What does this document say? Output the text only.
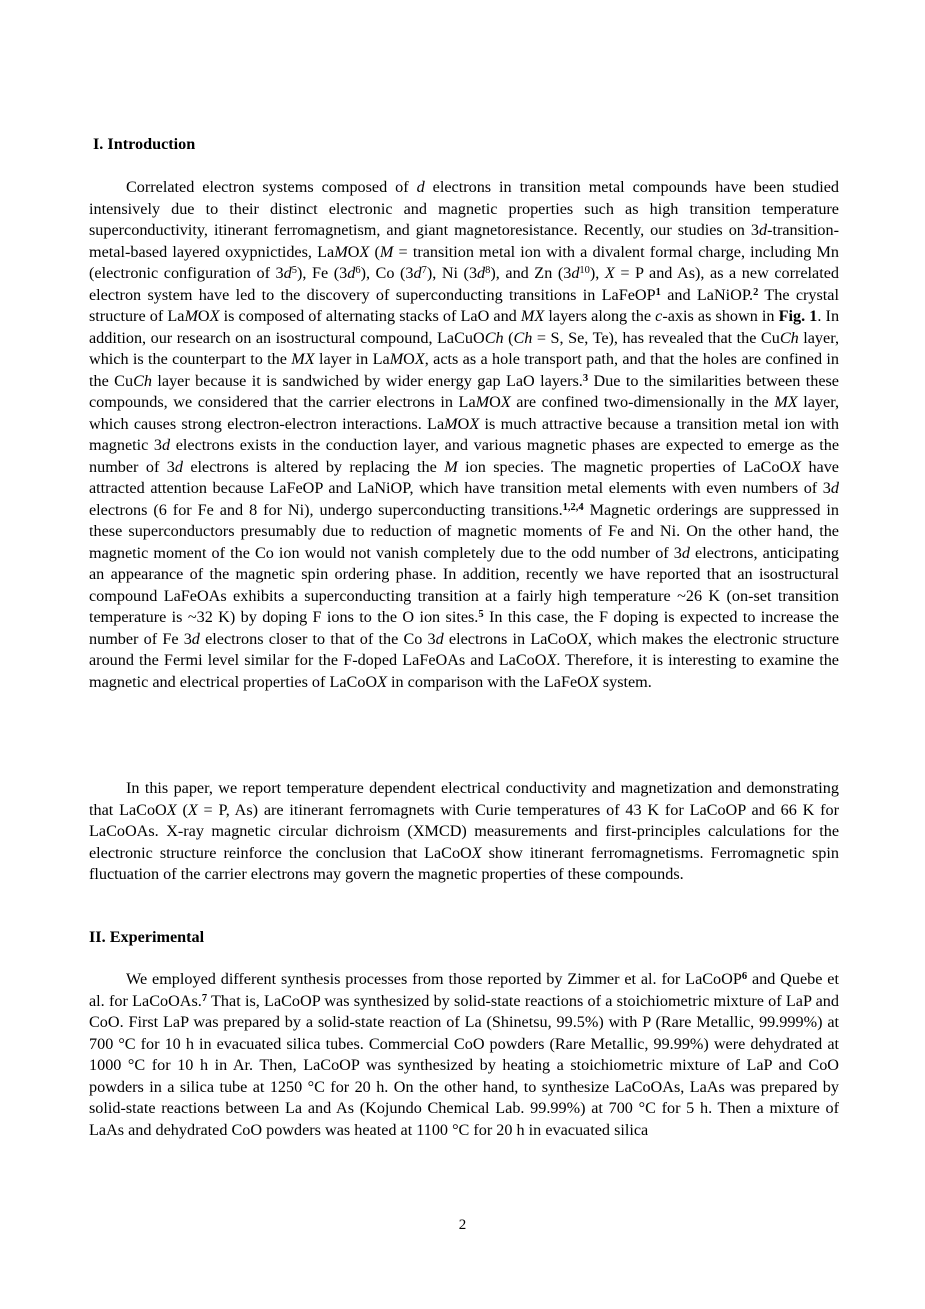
I. Introduction

Correlated electron systems composed of d electrons in transition metal compounds have been studied intensively due to their distinct electronic and magnetic properties such as high transition temperature superconductivity, itinerant ferromagnetism, and giant magnetoresistance. Recently, our studies on 3d-transition-metal-based layered oxypnictides, LaMOX (M = transition metal ion with a divalent formal charge, including Mn (electronic configuration of $3d^5$), Fe $(3d^6)$, Co $(3d^7)$, Ni $(3d^8)$, and Zn $(3d^{10})$, X = P and As), as a new correlated electron system have led to the discovery of superconducting transitions in LaFeOP$^1$ and LaNiOP.$^2$ The crystal structure of LaMOX is composed of alternating stacks of LaO and MX layers along the c-axis as shown in Fig. 1. In addition, our research on an isostructural compound, LaCuOCh (Ch = S, Se, Te), has revealed that the CuCh layer, which is the counterpart to the MX layer in LaMOX, acts as a hole transport path, and that the holes are confined in the CuCh layer because it is sandwiched by wider energy gap LaO layers.$^3$ Due to the similarities between these compounds, we considered that the carrier electrons in LaMOX are confined two-dimensionally in the MX layer, which causes strong electron-electron interactions. LaMOX is much attractive because a transition metal ion with magnetic 3d electrons exists in the conduction layer, and various magnetic phases are expected to emerge as the number of 3d electrons is altered by replacing the M ion species. The magnetic properties of LaCoOX have attracted attention because LaFeOP and LaNiOP, which have transition metal elements with even numbers of 3d electrons (6 for Fe and 8 for Ni), undergo superconducting transitions.$^{1,2,4}$ Magnetic orderings are suppressed in these superconductors presumably due to reduction of magnetic moments of Fe and Ni. On the other hand, the magnetic moment of the Co ion would not vanish completely due to the odd number of 3d electrons, anticipating an appearance of the magnetic spin ordering phase. In addition, recently we have reported that an isostructural compound LaFeOAs exhibits a superconducting transition at a fairly high temperature ~26 K (on-set transition temperature is ~32 K) by doping F ions to the O ion sites.$^5$ In this case, the F doping is expected to increase the number of Fe 3d electrons closer to that of the Co 3d electrons in LaCoOX, which makes the electronic structure around the Fermi level similar for the F-doped LaFeOAs and LaCoOX. Therefore, it is interesting to examine the magnetic and electrical properties of LaCoOX in comparison with the LaFeOX system.

In this paper, we report temperature dependent electrical conductivity and magnetization and demonstrating that LaCoOX (X = P, As) are itinerant ferromagnets with Curie temperatures of 43 K for LaCoOP and 66 K for LaCoOAs. X-ray magnetic circular dichroism (XMCD) measurements and first-principles calculations for the electronic structure reinforce the conclusion that LaCoOX show itinerant ferromagnetisms. Ferromagnetic spin fluctuation of the carrier electrons may govern the magnetic properties of these compounds.

II. Experimental

We employed different synthesis processes from those reported by Zimmer et al. for LaCoOP$^6$ and Quebe et al. for LaCoOAs.$^7$ That is, LaCoOP was synthesized by solid-state reactions of a stoichiometric mixture of LaP and CoO. First LaP was prepared by a solid-state reaction of La (Shinetsu, 99.5%) with P (Rare Metallic, 99.999%) at 700 °C for 10 h in evacuated silica tubes. Commercial CoO powders (Rare Metallic, 99.99%) were dehydrated at 1000 °C for 10 h in Ar. Then, LaCoOP was synthesized by heating a stoichiometric mixture of LaP and CoO powders in a silica tube at 1250 °C for 20 h. On the other hand, to synthesize LaCoOAs, LaAs was prepared by solid-state reactions between La and As (Kojundo Chemical Lab. 99.99%) at 700 °C for 5 h. Then a mixture of LaAs and dehydrated CoO powders was heated at 1100 °C for 20 h in evacuated silica

2
